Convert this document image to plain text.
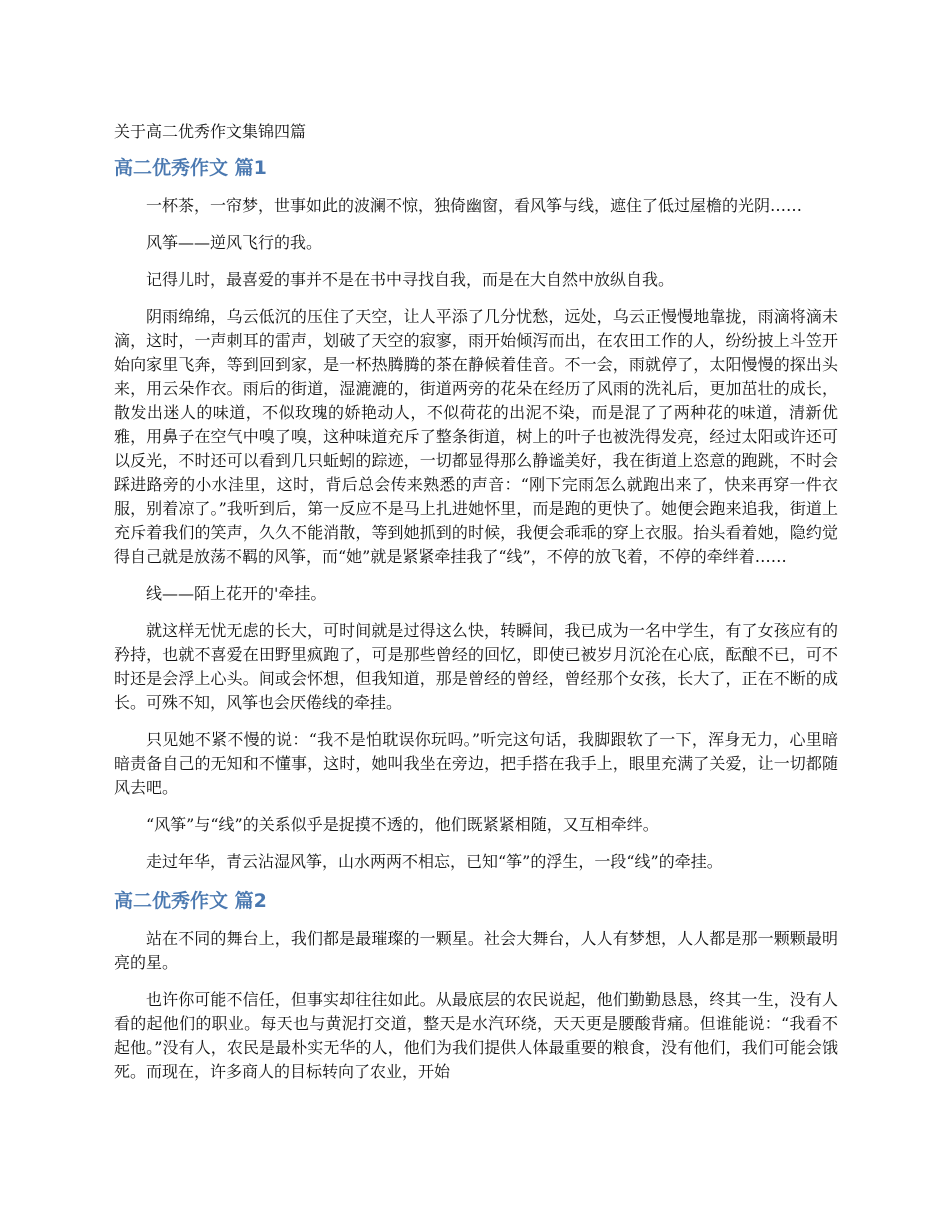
关于高二优秀作文集锦四篇
高二优秀作文 篇1

一杯茶，一帘梦，世事如此的波澜不惊，独倚幽窗，看风筝与线，遮住了低过屋檐的光阴……

风筝——逆风飞行的我。

记得儿时，最喜爱的事并不是在书中寻找自我，而是在大自然中放纵自我。

阴雨绵绵，乌云低沉的压住了天空，让人平添了几分忧愁，远处，乌云正慢慢地靠拢，雨滴将滴未滴，这时，一声刺耳的雷声，划破了天空的寂寥，雨开始倾泻而出，在农田工作的人，纷纷披上斗笠开始向家里飞奔，等到回到家，是一杯热腾腾的茶在静候着佳音。不一会，雨就停了，太阳慢慢的探出头来，用云朵作衣。雨后的街道，湿漉漉的，街道两旁的花朵在经历了风雨的洗礼后，更加茁壮的成长，散发出迷人的味道，不似玫瑰的娇艳动人，不似荷花的出泥不染，而是混了了两种花的味道，清新优雅，用鼻子在空气中嗅了嗅，这种味道充斥了整条街道，树上的叶子也被洗得发亮，经过太阳或许还可以反光，不时还可以看到几只蚯蚓的踪迹，一切都显得那么静谧美好，我在街道上恣意的跑跳，不时会踩进路旁的小水洼里，这时，背后总会传来熟悉的声音：“刚下完雨怎么就跑出来了，快来再穿一件衣服，别着凉了。”我听到后，第一反应不是马上扎进她怀里，而是跑的更快了。她便会跑来追我，街道上充斥着我们的笑声，久久不能消散，等到她抓到的时候，我便会乖乖的穿上衣服。抬头看着她，隐约觉得自己就是放荡不羁的风筝，而“她”就是紧紧牵挂我了“线”，不停的放飞着，不停的牵绊着……

线——陌上花开的'牵挂。

就这样无忧无虑的长大，可时间就是过得这么快，转瞬间，我已成为一名中学生，有了女孩应有的矜持，也就不喜爱在田野里疯跑了，可是那些曾经的回忆，即使已被岁月沉沦在心底，酝酿不已，可不时还是会浮上心头。间或会怀想，但我知道，那是曾经的曾经，曾经那个女孩，长大了，正在不断的成长。可殊不知，风筝也会厌倦线的牵挂。

只见她不紧不慢的说：“我不是怕耽误你玩吗。”听完这句话，我脚跟软了一下，浑身无力，心里暗暗责备自己的无知和不懂事，这时，她叫我坐在旁边，把手搭在我手上，眼里充满了关爱，让一切都随风去吧。

“风筝”与“线”的关系似乎是捉摸不透的，他们既紧紧相随，又互相牵绊。

走过年华，青云沾湿风筝，山水两两不相忘，已知“筝”的浮生，一段“线”的牵挂。

高二优秀作文 篇2

站在不同的舞台上，我们都是最璀璨的一颗星。社会大舞台，人人有梦想，人人都是那一颗颗最明亮的星。

也许你可能不信任，但事实却往往如此。从最底层的农民说起，他们勤勤恳恳，终其一生，没有人看的起他们的职业。每天也与黄泥打交道，整天是水汽环绕，天天更是腰酸背痛。但谁能说：“我看不起他。”没有人，农民是最朴实无华的人，他们为我们提供人体最重要的粮食，没有他们，我们可能会饿死。而现在，许多商人的目标转向了农业，开始
